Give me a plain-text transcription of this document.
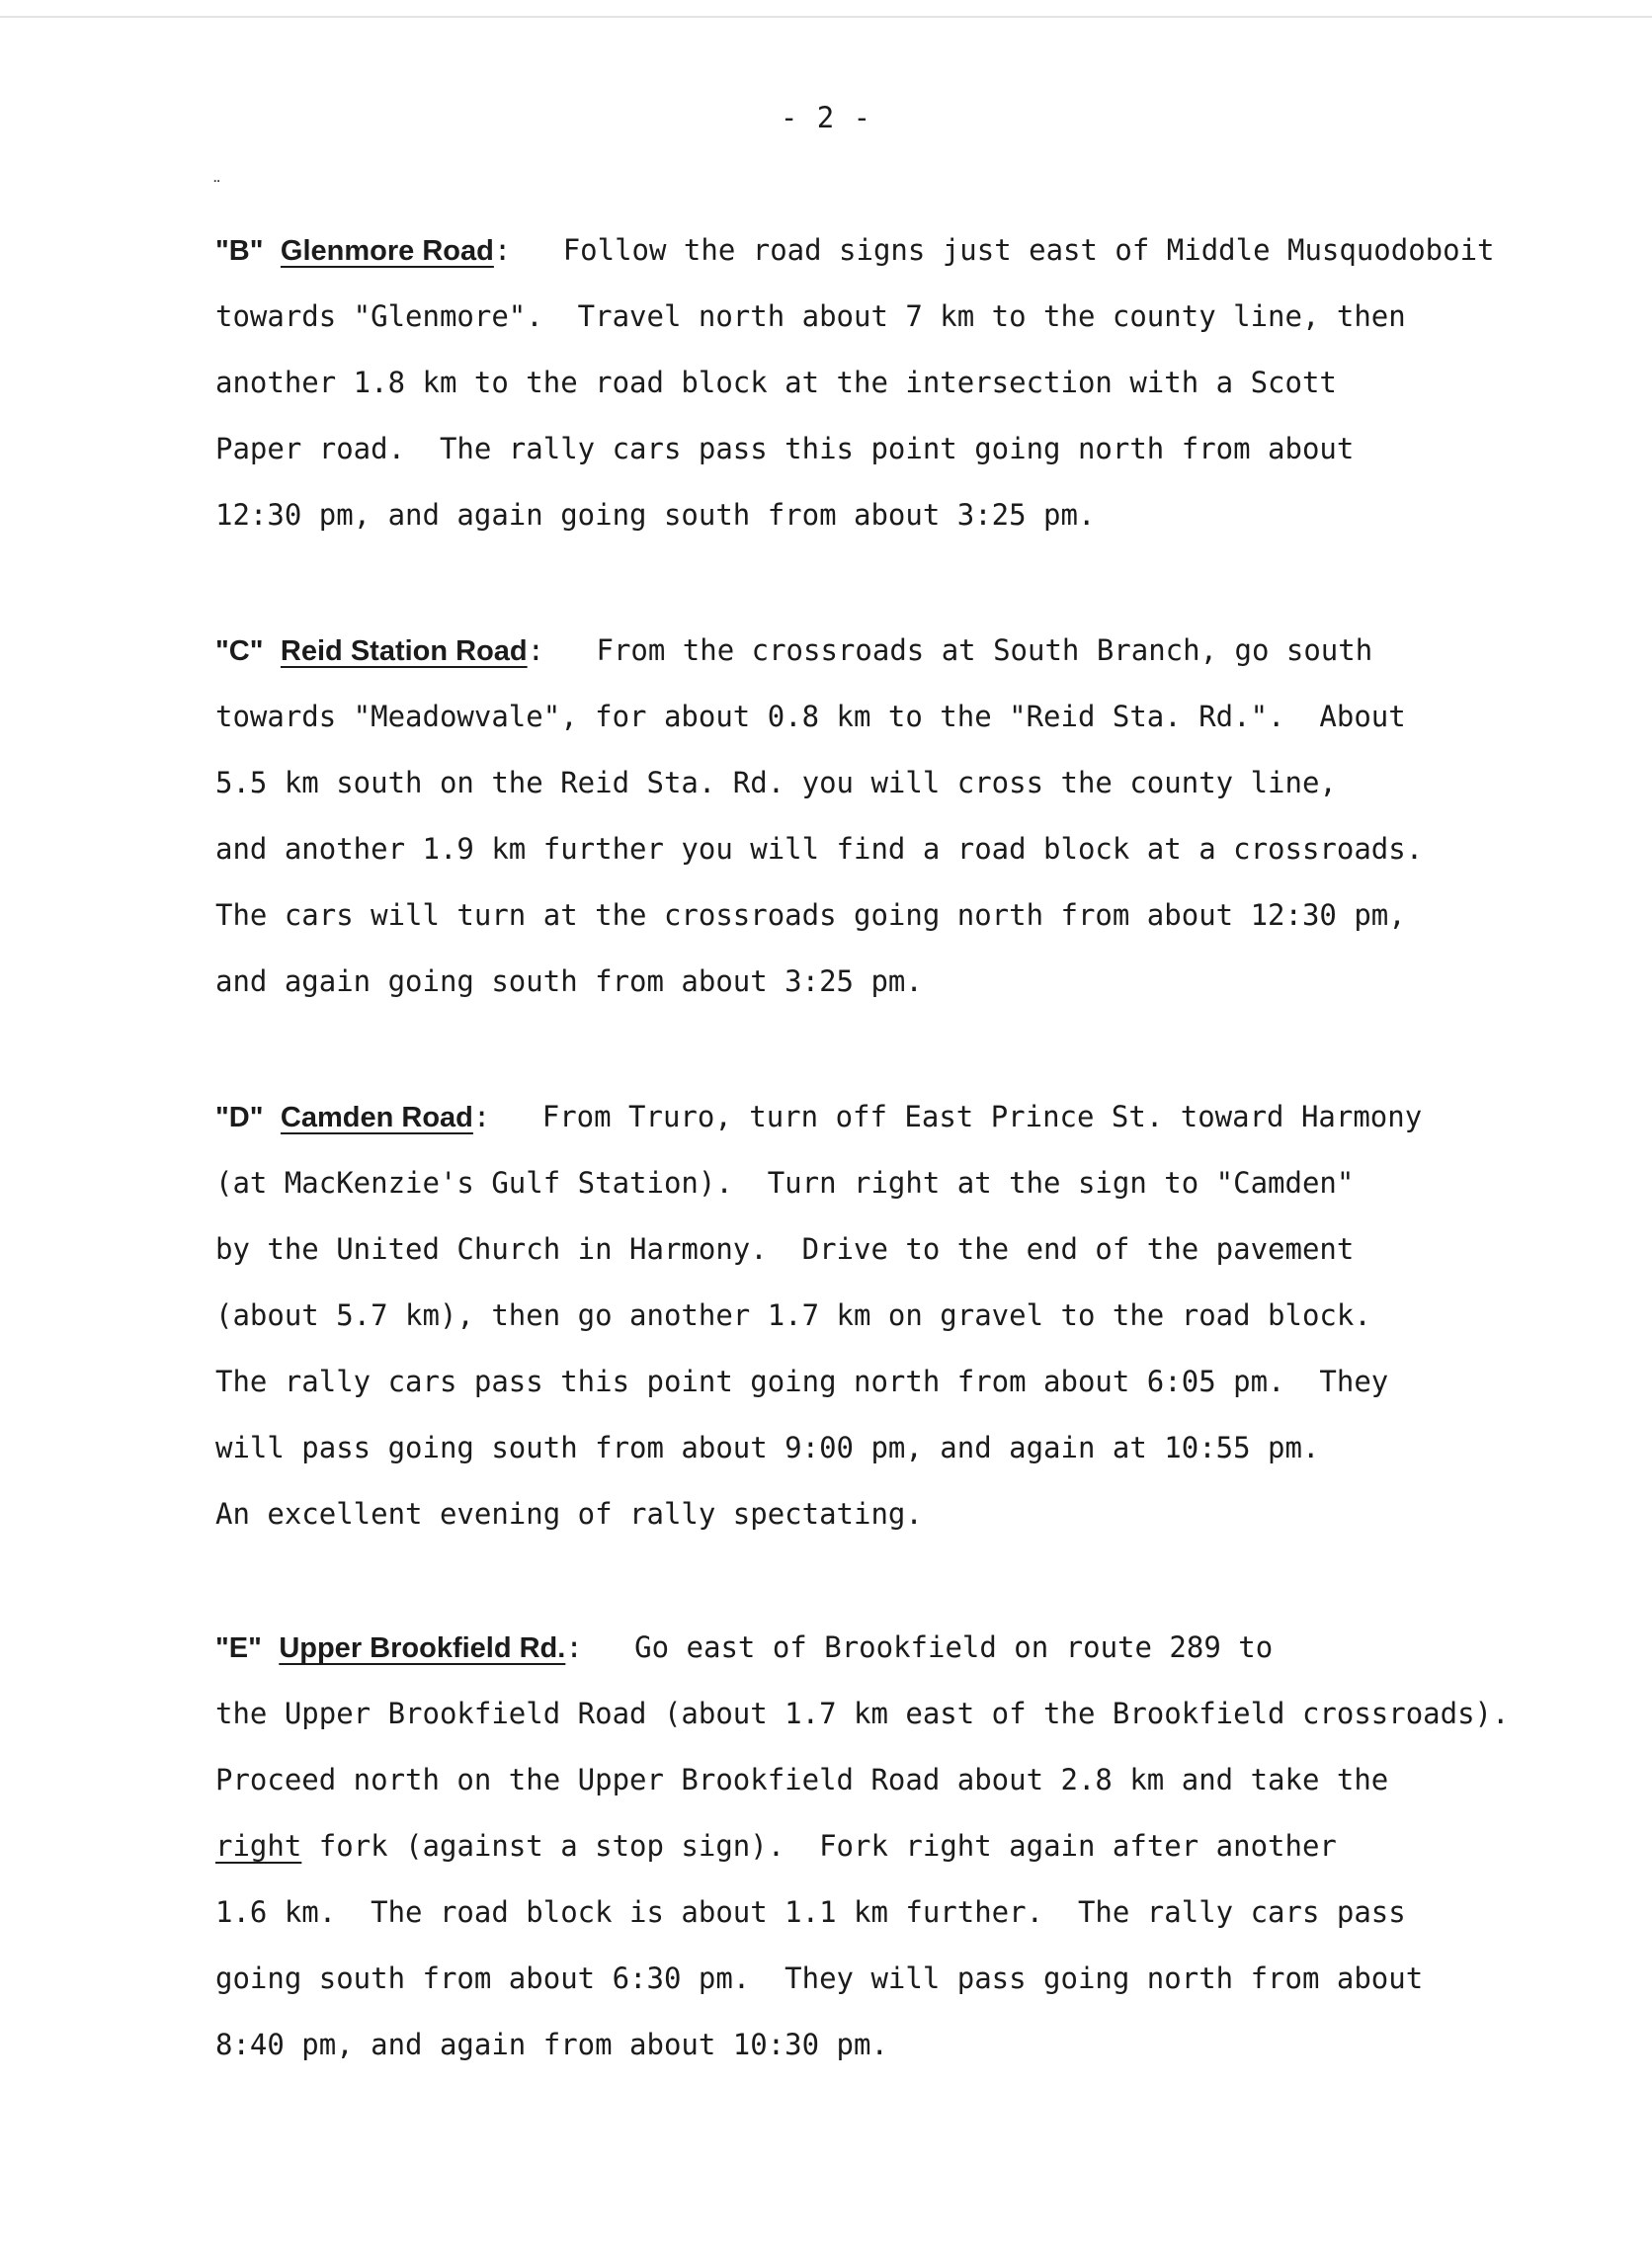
- 2 -
¨
"B" Glenmore Road:   Follow the road signs just east of Middle Musquodoboit
towards "Glenmore".  Travel north about 7 km to the county line, then
another 1.8 km to the road block at the intersection with a Scott
Paper road.  The rally cars pass this point going north from about
12:30 pm, and again going south from about 3:25 pm.
"C" Reid Station Road:   From the crossroads at South Branch, go south
towards "Meadowvale", for about 0.8 km to the "Reid Sta. Rd.".  About
5.5 km south on the Reid Sta. Rd. you will cross the county line,
and another 1.9 km further you will find a road block at a crossroads.
The cars will turn at the crossroads going north from about 12:30 pm,
and again going south from about 3:25 pm.
"D" Camden Road:   From Truro, turn off East Prince St. toward Harmony
(at MacKenzie's Gulf Station).  Turn right at the sign to "Camden"
by the United Church in Harmony.  Drive to the end of the pavement
(about 5.7 km), then go another 1.7 km on gravel to the road block.
The rally cars pass this point going north from about 6:05 pm.  They
will pass going south from about 9:00 pm, and again at 10:55 pm.
An excellent evening of rally spectating.
"E" Upper Brookfield Rd.:   Go east of Brookfield on route 289 to
the Upper Brookfield Road (about 1.7 km east of the Brookfield crossroads).
Proceed north on the Upper Brookfield Road about 2.8 km and take the
right fork (against a stop sign).  Fork right again after another
1.6 km.  The road block is about 1.1 km further.  The rally cars pass
going south from about 6:30 pm.  They will pass going north from about
8:40 pm, and again from about 10:30 pm.
